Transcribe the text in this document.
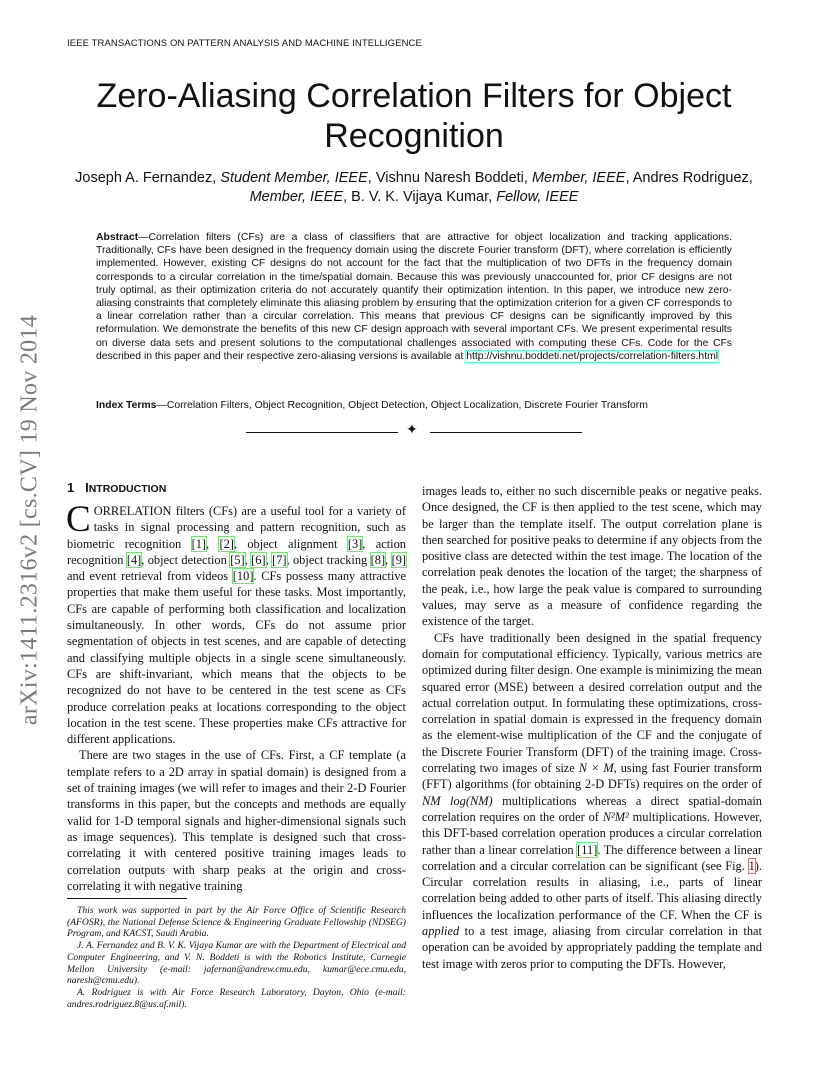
IEEE TRANSACTIONS ON PATTERN ANALYSIS AND MACHINE INTELLIGENCE
Zero-Aliasing Correlation Filters for Object Recognition
Joseph A. Fernandez, Student Member, IEEE, Vishnu Naresh Boddeti, Member, IEEE, Andres Rodriguez,
Member, IEEE, B. V. K. Vijaya Kumar, Fellow, IEEE
Abstract—Correlation filters (CFs) are a class of classifiers that are attractive for object localization and tracking applications. Traditionally, CFs have been designed in the frequency domain using the discrete Fourier transform (DFT), where correlation is efficiently implemented. However, existing CF designs do not account for the fact that the multiplication of two DFTs in the frequency domain corresponds to a circular correlation in the time/spatial domain. Because this was previously unaccounted for, prior CF designs are not truly optimal, as their optimization criteria do not accurately quantify their optimization intention. In this paper, we introduce new zero-aliasing constraints that completely eliminate this aliasing problem by ensuring that the optimization criterion for a given CF corresponds to a linear correlation rather than a circular correlation. This means that previous CF designs can be significantly improved by this reformulation. We demonstrate the benefits of this new CF design approach with several important CFs. We present experimental results on diverse data sets and present solutions to the computational challenges associated with computing these CFs. Code for the CFs described in this paper and their respective zero-aliasing versions is available at http://vishnu.boddeti.net/projects/correlation-filters.html
Index Terms—Correlation Filters, Object Recognition, Object Detection, Object Localization, Discrete Fourier Transform
✦
1 INTRODUCTION

CORRELATION filters (CFs) are a useful tool for a variety of tasks in signal processing and pattern recognition, such as biometric recognition [1], [2], object alignment [3], action recognition [4], object detection [5], [6], [7], object tracking [8], [9] and event retrieval from videos [10]. CFs possess many attractive properties that make them useful for these tasks. Most importantly, CFs are capable of performing both classification and localization simultaneously. In other words, CFs do not assume prior segmentation of objects in test scenes, and are capable of detecting and classifying multiple objects in a single scene simultaneously. CFs are shift-invariant, which means that the objects to be recognized do not have to be centered in the test scene as CFs produce correlation peaks at locations corresponding to the object location in the test scene. These properties make CFs attractive for different applications.

There are two stages in the use of CFs. First, a CF template (a template refers to a 2D array in spatial domain) is designed from a set of training images (we will refer to images and their 2-D Fourier transforms in this paper, but the concepts and methods are equally valid for 1-D temporal signals and higher-dimensional signals such as image sequences). This template is designed such that cross-correlating it with centered positive training images leads to correlation outputs with sharp peaks at the origin and cross-correlating it with negative training

This work was supported in part by the Air Force Office of Scientific Research (AFOSR), the National Defense Science & Engineering Graduate Fellowship (NDSEG) Program, and KACST, Saudi Arabia.

J. A. Fernandez and B. V. K. Vijaya Kumar are with the Department of Electrical and Computer Engineering, and V. N. Boddeti is with the Robotics Institute, Carnegie Mellon University (e-mail: jafernan@andrew.cmu.edu, kumar@ece.cmu.edu, naresh@cmu.edu).

A. Rodriguez is with Air Force Research Laboratory, Dayton, Ohio (e-mail: andres.rodriguez.8@us.af.mil).

images leads to, either no such discernible peaks or negative peaks. Once designed, the CF is then applied to the test scene, which may be larger than the template itself. The output correlation plane is then searched for positive peaks to determine if any objects from the positive class are detected within the test image. The location of the correlation peak denotes the location of the target; the sharpness of the peak, i.e., how large the peak value is compared to surrounding values, may serve as a measure of confidence regarding the existence of the target.

CFs have traditionally been designed in the spatial frequency domain for computational efficiency. Typically, various metrics are optimized during filter design. One example is minimizing the mean squared error (MSE) between a desired correlation output and the actual correlation output. In formulating these optimizations, cross-correlation in spatial domain is expressed in the frequency domain as the element-wise multiplication of the CF and the conjugate of the Discrete Fourier Transform (DFT) of the training image. Cross-correlating two images of size N × M, using fast Fourier transform (FFT) algorithms (for obtaining 2-D DFTs) requires on the order of NM log(NM) multiplications whereas a direct spatial-domain correlation requires on the order of N²M² multiplications. However, this DFT-based correlation operation produces a circular correlation rather than a linear correlation [11]. The difference between a linear correlation and a circular correlation can be significant (see Fig. 1). Circular correlation results in aliasing, i.e., parts of linear correlation being added to other parts of itself. This aliasing directly influences the localization performance of the CF. When the CF is applied to a test image, aliasing from circular correlation in that operation can be avoided by appropriately padding the template and test image with zeros prior to computing the DFTs. However,

arXiv:1411.2316v2 [cs.CV] 19 Nov 2014
